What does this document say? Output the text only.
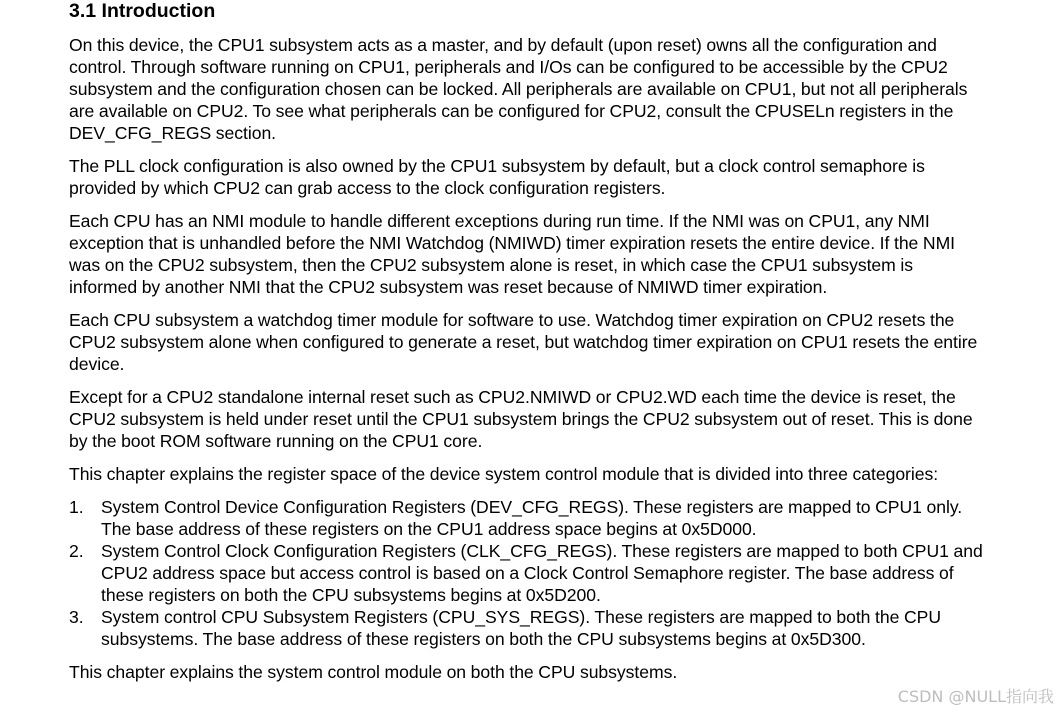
3.1 Introduction

On this device, the CPU1 subsystem acts as a master, and by default (upon reset) owns all the configuration and control. Through software running on CPU1, peripherals and I/Os can be configured to be accessible by the CPU2 subsystem and the configuration chosen can be locked. All peripherals are available on CPU1, but not all peripherals are available on CPU2. To see what peripherals can be configured for CPU2, consult the CPUSELn registers in the DEV_CFG_REGS section.

The PLL clock configuration is also owned by the CPU1 subsystem by default, but a clock control semaphore is provided by which CPU2 can grab access to the clock configuration registers.

Each CPU has an NMI module to handle different exceptions during run time. If the NMI was on CPU1, any NMI exception that is unhandled before the NMI Watchdog (NMIWD) timer expiration resets the entire device. If the NMI was on the CPU2 subsystem, then the CPU2 subsystem alone is reset, in which case the CPU1 subsystem is informed by another NMI that the CPU2 subsystem was reset because of NMIWD timer expiration.

Each CPU subsystem a watchdog timer module for software to use. Watchdog timer expiration on CPU2 resets the CPU2 subsystem alone when configured to generate a reset, but watchdog timer expiration on CPU1 resets the entire device.

Except for a CPU2 standalone internal reset such as CPU2.NMIWD or CPU2.WD each time the device is reset, the CPU2 subsystem is held under reset until the CPU1 subsystem brings the CPU2 subsystem out of reset. This is done by the boot ROM software running on the CPU1 core.

This chapter explains the register space of the device system control module that is divided into three categories:

1. System Control Device Configuration Registers (DEV_CFG_REGS). These registers are mapped to CPU1 only. The base address of these registers on the CPU1 address space begins at 0x5D000.
2. System Control Clock Configuration Registers (CLK_CFG_REGS). These registers are mapped to both CPU1 and CPU2 address space but access control is based on a Clock Control Semaphore register. The base address of these registers on both the CPU subsystems begins at 0x5D200.
3. System control CPU Subsystem Registers (CPU_SYS_REGS). These registers are mapped to both the CPU subsystems. The base address of these registers on both the CPU subsystems begins at 0x5D300.

This chapter explains the system control module on both the CPU subsystems.

CSDN @NULL指向我
